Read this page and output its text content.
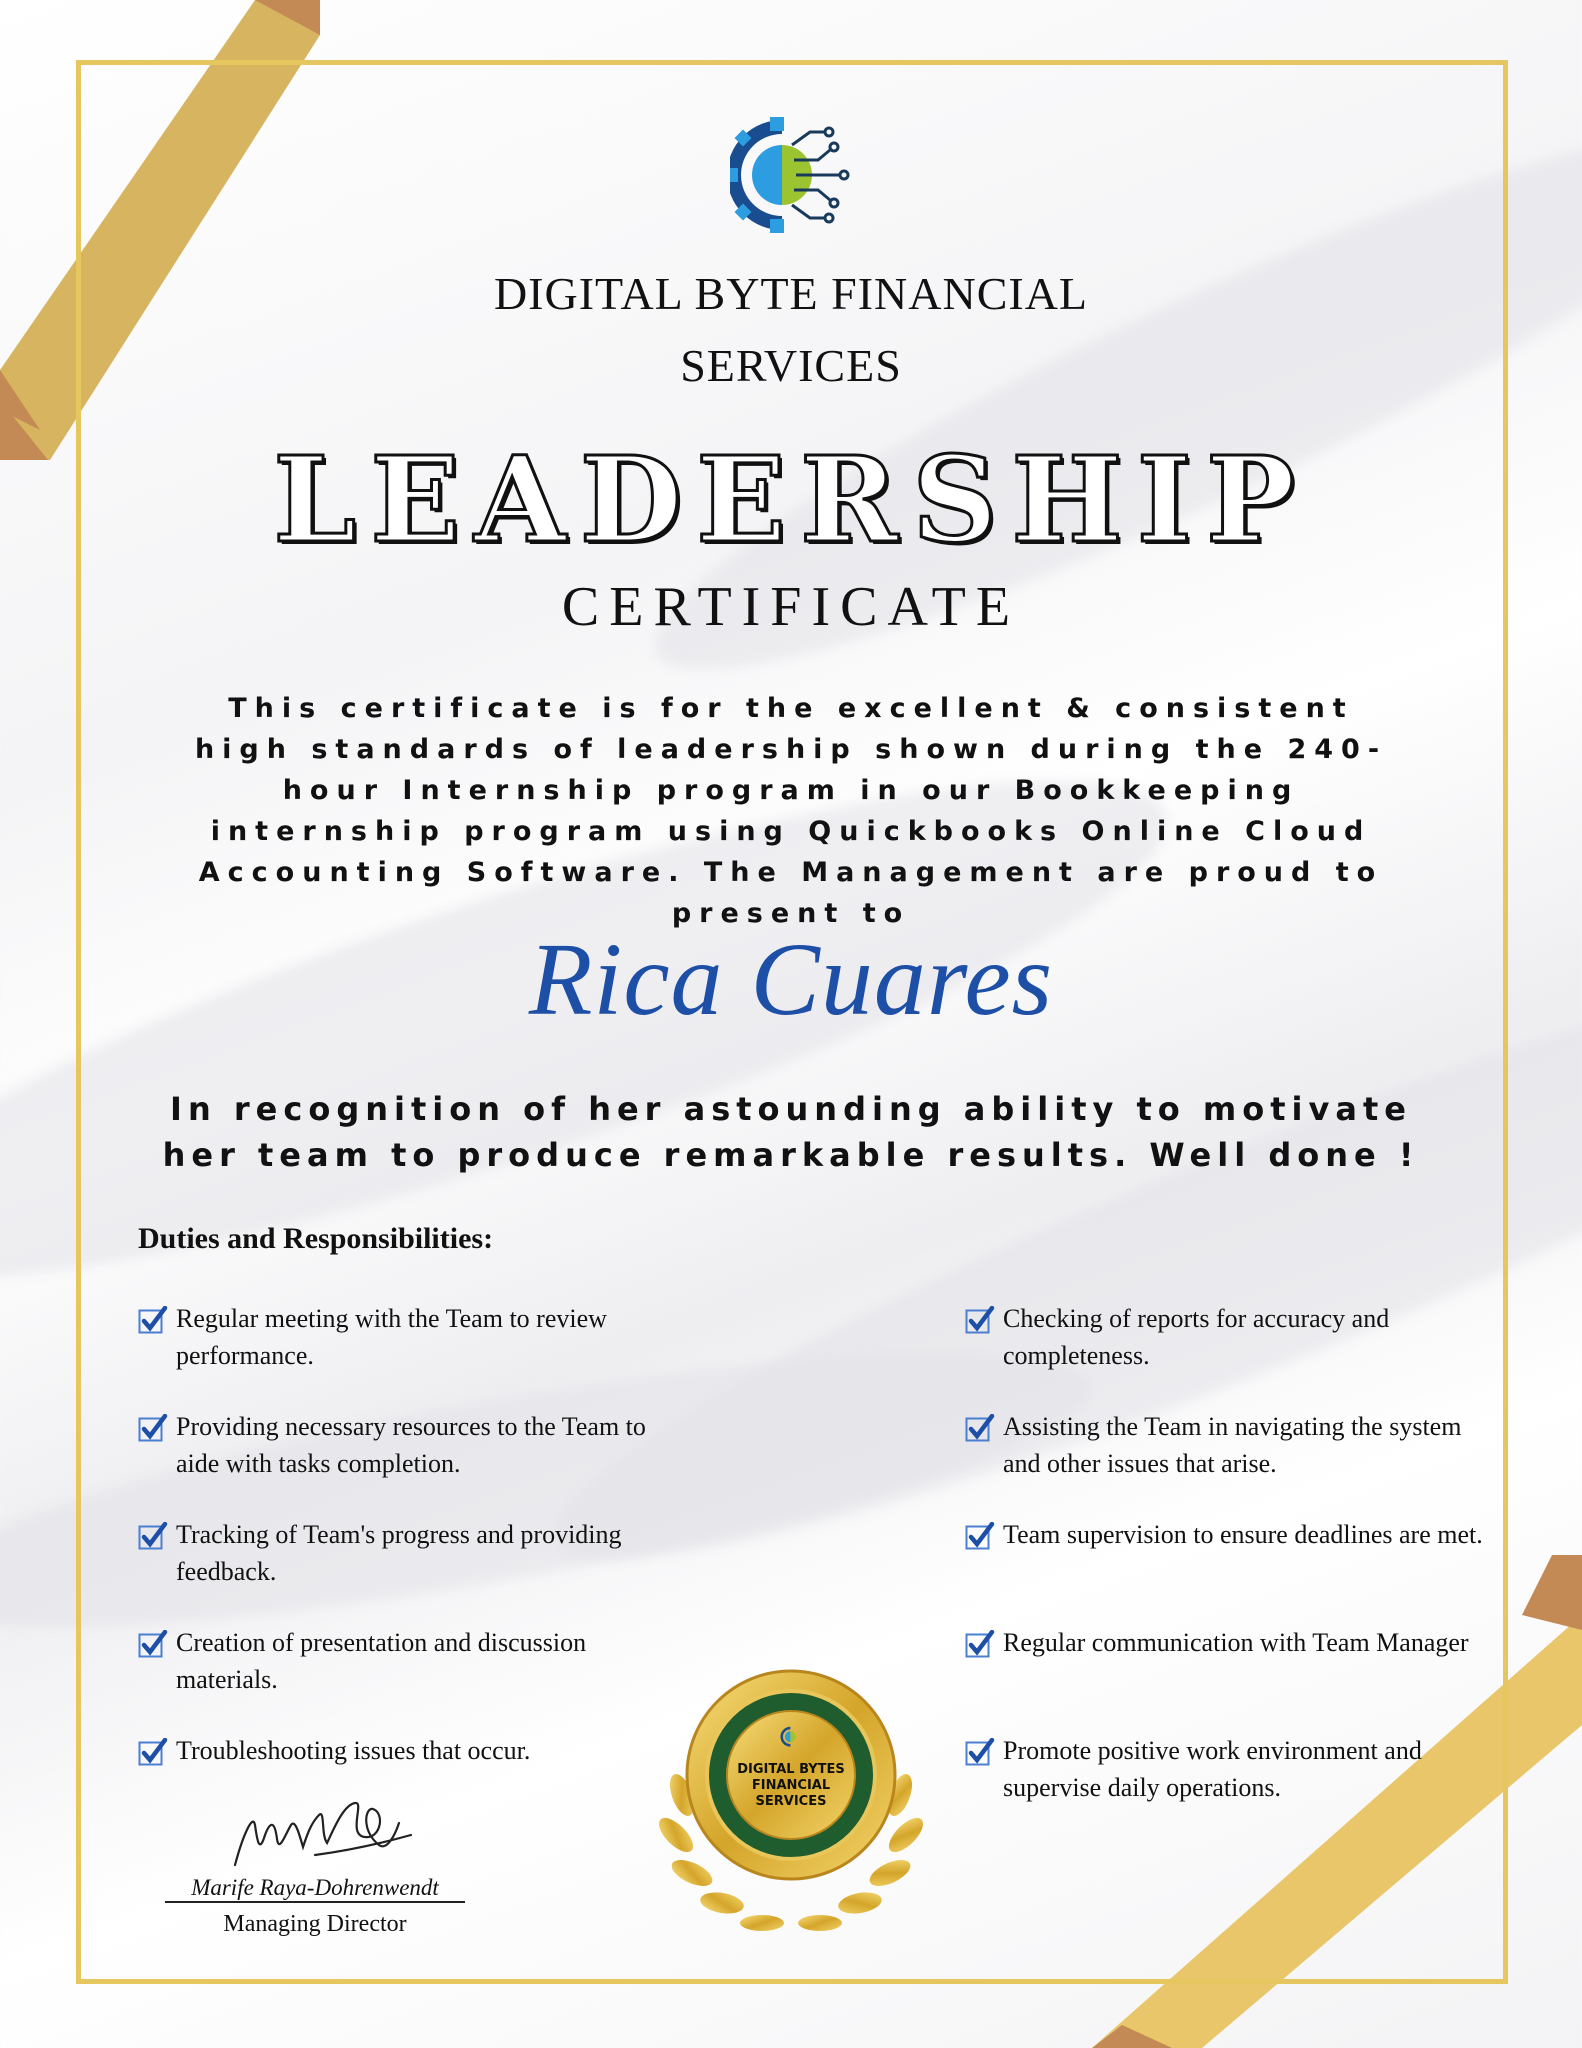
DIGITAL BYTE FINANCIAL
SERVICES
LEADERSHIP
CERTIFICATE
This certificate is for the excellent & consistent high standards of leadership shown during the 240-hour Internship program in our Bookkeeping internship program using Quickbooks Online Cloud Accounting Software. The Management are proud to present to
Rica Cuares
In recognition of her astounding ability to motivate her team to produce remarkable results. Well done !
Duties and Responsibilities:
Regular meeting with the Team to review performance.
Providing necessary resources to the Team to aide with tasks completion.
Tracking of Team's progress and providing feedback.
Creation of presentation and discussion materials.
Troubleshooting issues that occur.
Checking of reports for accuracy and completeness.
Assisting the Team in navigating the system and other issues that arise.
Team supervision to ensure deadlines are met.
Regular communication with Team Manager
Promote positive work environment and supervise daily operations.
DIGITAL BYTES
FINANCIAL
SERVICES
Marife Raya-Dohrenwendt
Managing Director
